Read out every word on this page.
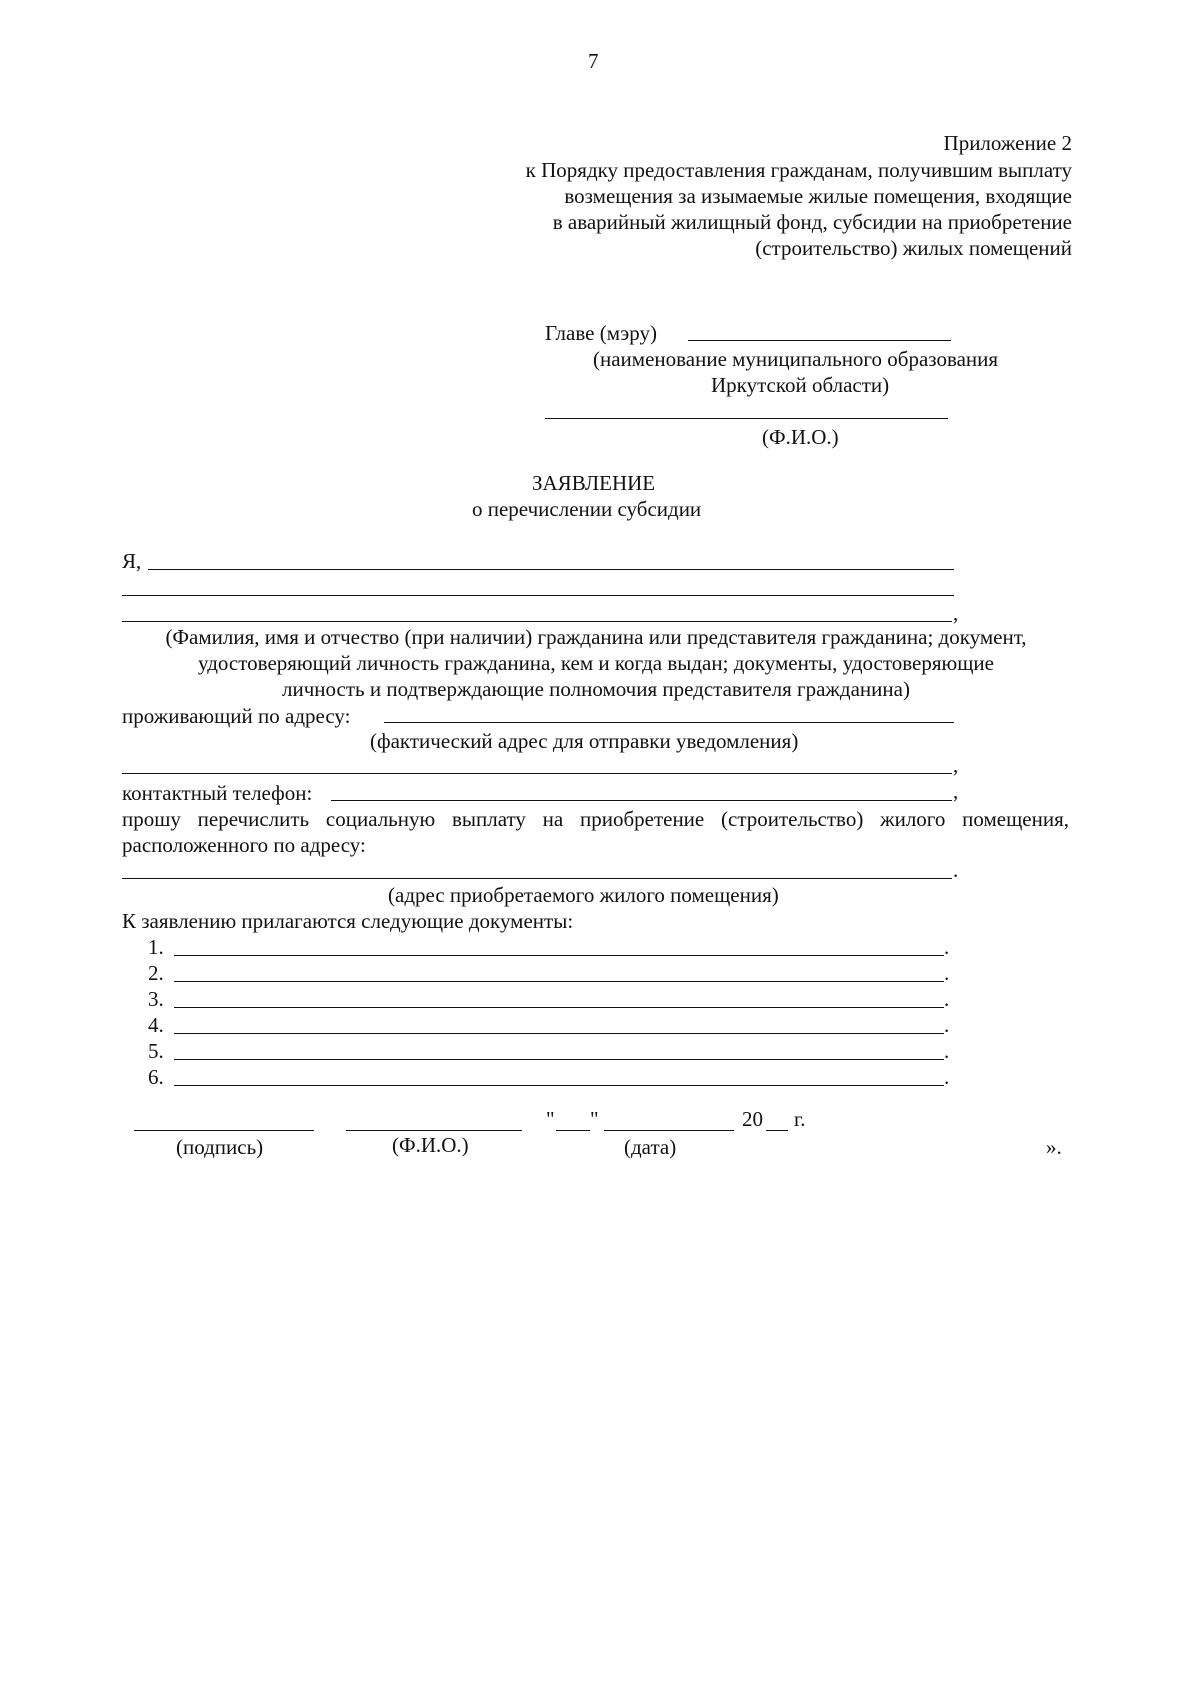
7
Приложение 2
к Порядку предоставления гражданам, получившим выплату
возмещения за изымаемые жилые помещения, входящие
в аварийный жилищный фонд, субсидии на приобретение
(строительство) жилых помещений
Главе (мэру)
(наименование муниципального образования
Иркутской области)
(Ф.И.О.)
ЗАЯВЛЕНИЕ
о перечислении субсидии
Я,
,
(Фамилия, имя и отчество (при наличии) гражданина или представителя гражданина; документ,
удостоверяющий личность гражданина, кем и когда выдан; документы, удостоверяющие
личность и подтверждающие полномочия представителя гражданина)
проживающий по адресу:
(фактический адрес для отправки уведомления)
,
контактный телефон:	,
прошу перечислить социальную выплату на приобретение (строительство) жилого помещения,
расположенного по адресу:
.
(адрес приобретаемого жилого помещения)
К заявлению прилагаются следующие документы:
1.	.
2.	.
3.	.
4.	.
5.	.
6.	.
" "	20 г.
(подпись)	(Ф.И.О.)	(дата)	».
